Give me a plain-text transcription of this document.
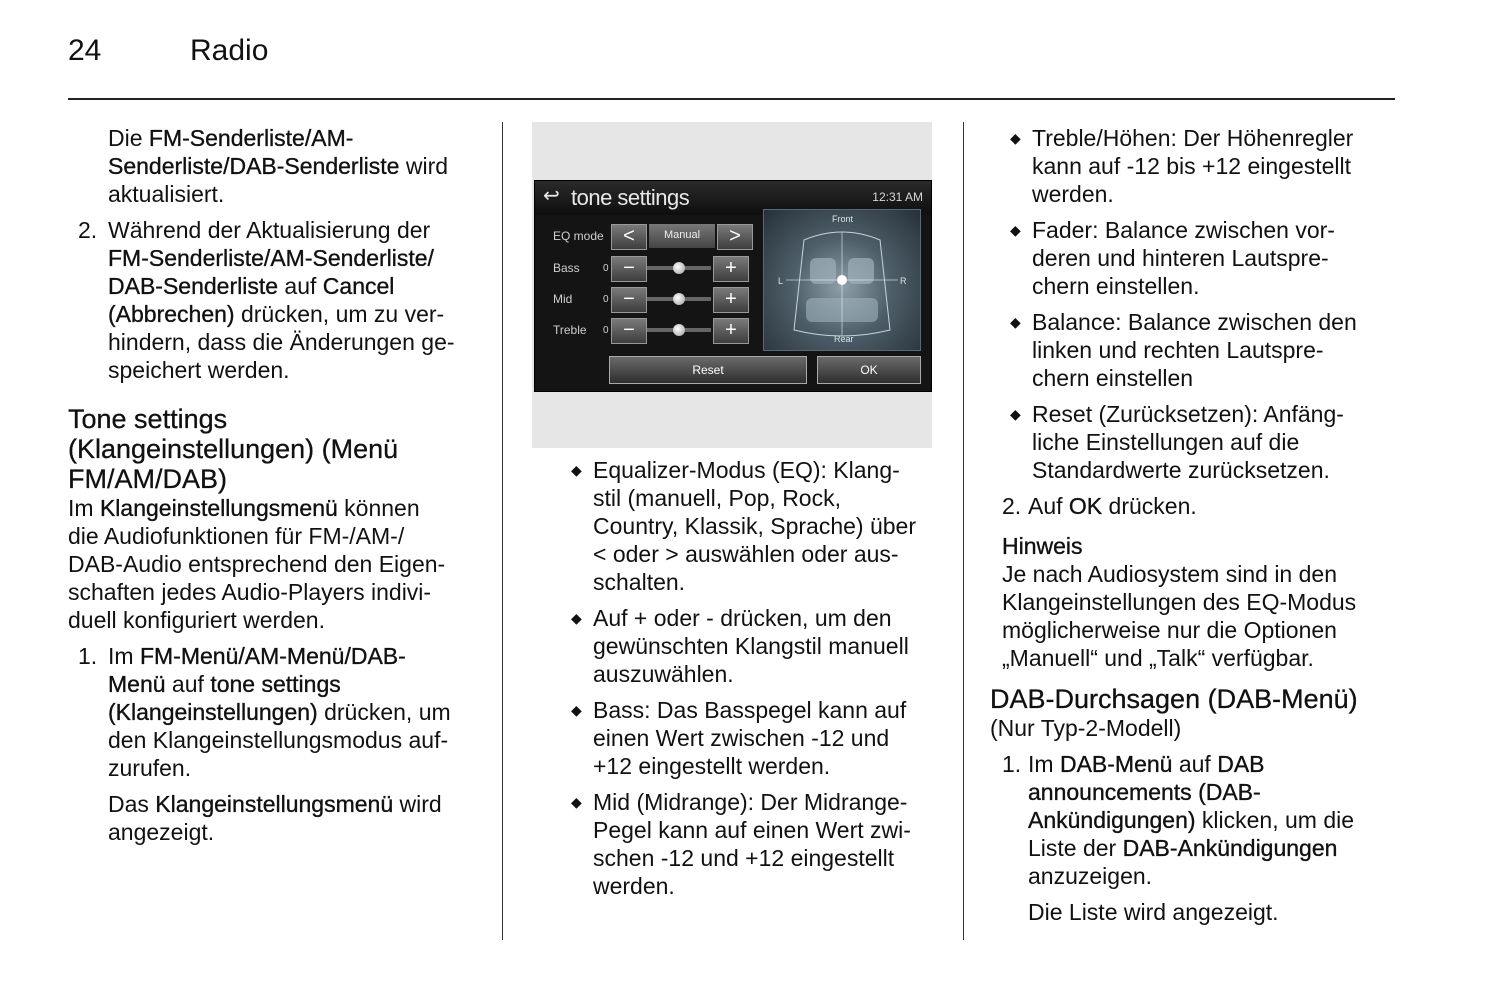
24	Radio

Die FM-Senderliste/AM-
Senderliste/DAB-Senderliste wird
aktualisiert.

2. Während der Aktualisierung der
FM-Senderliste/AM-Senderliste/
DAB-Senderliste auf Cancel
(Abbrechen) drücken, um zu ver-
hindern, dass die Änderungen ge-
speichert werden.

Tone settings
(Klangeinstellungen) (Menü
FM/AM/DAB)

Im Klangeinstellungsmenü können
die Audiofunktionen für FM-/AM-/
DAB-Audio entsprechend den Eigen-
schaften jedes Audio-Players indivi-
duell konfiguriert werden.

1. Im FM-Menü/AM-Menü/DAB-
Menü auf tone settings
(Klangeinstellungen) drücken, um
den Klangeinstellungsmodus auf-
zurufen.

Das Klangeinstellungsmenü wird
angezeigt.

↩ tone settings	12:31 AM
EQ mode <	Manual	>
Bass 0 −	+
Mid	0 −	+
Treble 0 −	+
Front
Rear
L	R
Reset	OK

◆ Equalizer-Modus (EQ): Klang-
stil (manuell, Pop, Rock,
Country, Klassik, Sprache) über
< oder > auswählen oder aus-
schalten.

◆ Auf + oder - drücken, um den
gewünschten Klangstil manuell
auszuwählen.

◆ Bass: Das Basspegel kann auf
einen Wert zwischen -12 und
+12 eingestellt werden.

◆ Mid (Midrange): Der Midrange-
Pegel kann auf einen Wert zwi-
schen -12 und +12 eingestellt
werden.

◆ Treble/Höhen: Der Höhenregler
kann auf -12 bis +12 eingestellt
werden.

◆ Fader: Balance zwischen vor-
deren und hinteren Lautspre-
chern einstellen.

◆ Balance: Balance zwischen den
linken und rechten Lautspre-
chern einstellen

◆ Reset (Zurücksetzen): Anfäng-
liche Einstellungen auf die
Standardwerte zurücksetzen.

2. Auf OK drücken.

Hinweis
Je nach Audiosystem sind in den
Klangeinstellungen des EQ-Modus
möglicherweise nur die Optionen
„Manuell“ und „Talk“ verfügbar.

DAB-Durchsagen (DAB-Menü)

(Nur Typ-2-Modell)

1. Im DAB-Menü auf DAB
announcements (DAB-
Ankündigungen) klicken, um die
Liste der DAB-Ankündigungen
anzuzeigen.

Die Liste wird angezeigt.
